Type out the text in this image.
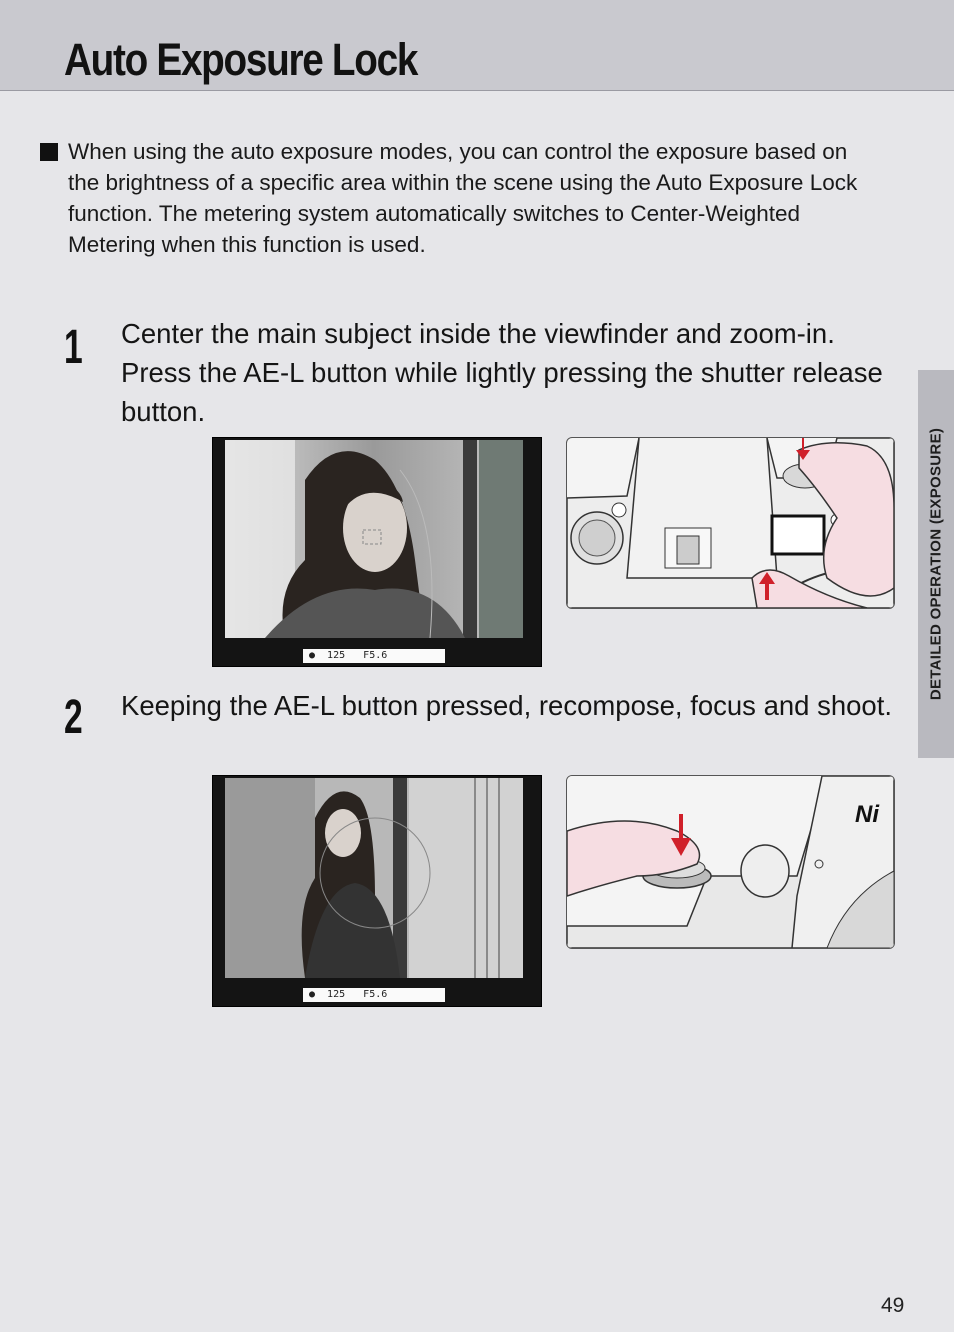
Auto Exposure Lock

When using the auto exposure modes, you can control the exposure based on the brightness of a specific area within the scene using the Auto Exposure Lock function. The metering system automatically switches to Center-Weighted Metering when this function is used.

1 Center the main subject inside the viewfinder and zoom-in. Press the AE-L button while lightly pressing the shutter release button.

●  125   F5.6
2 Keeping the AE-L button pressed, recompose, focus and shoot.

●  125   F5.6
Ni
DETAILED OPERATION (EXPOSURE)
49
